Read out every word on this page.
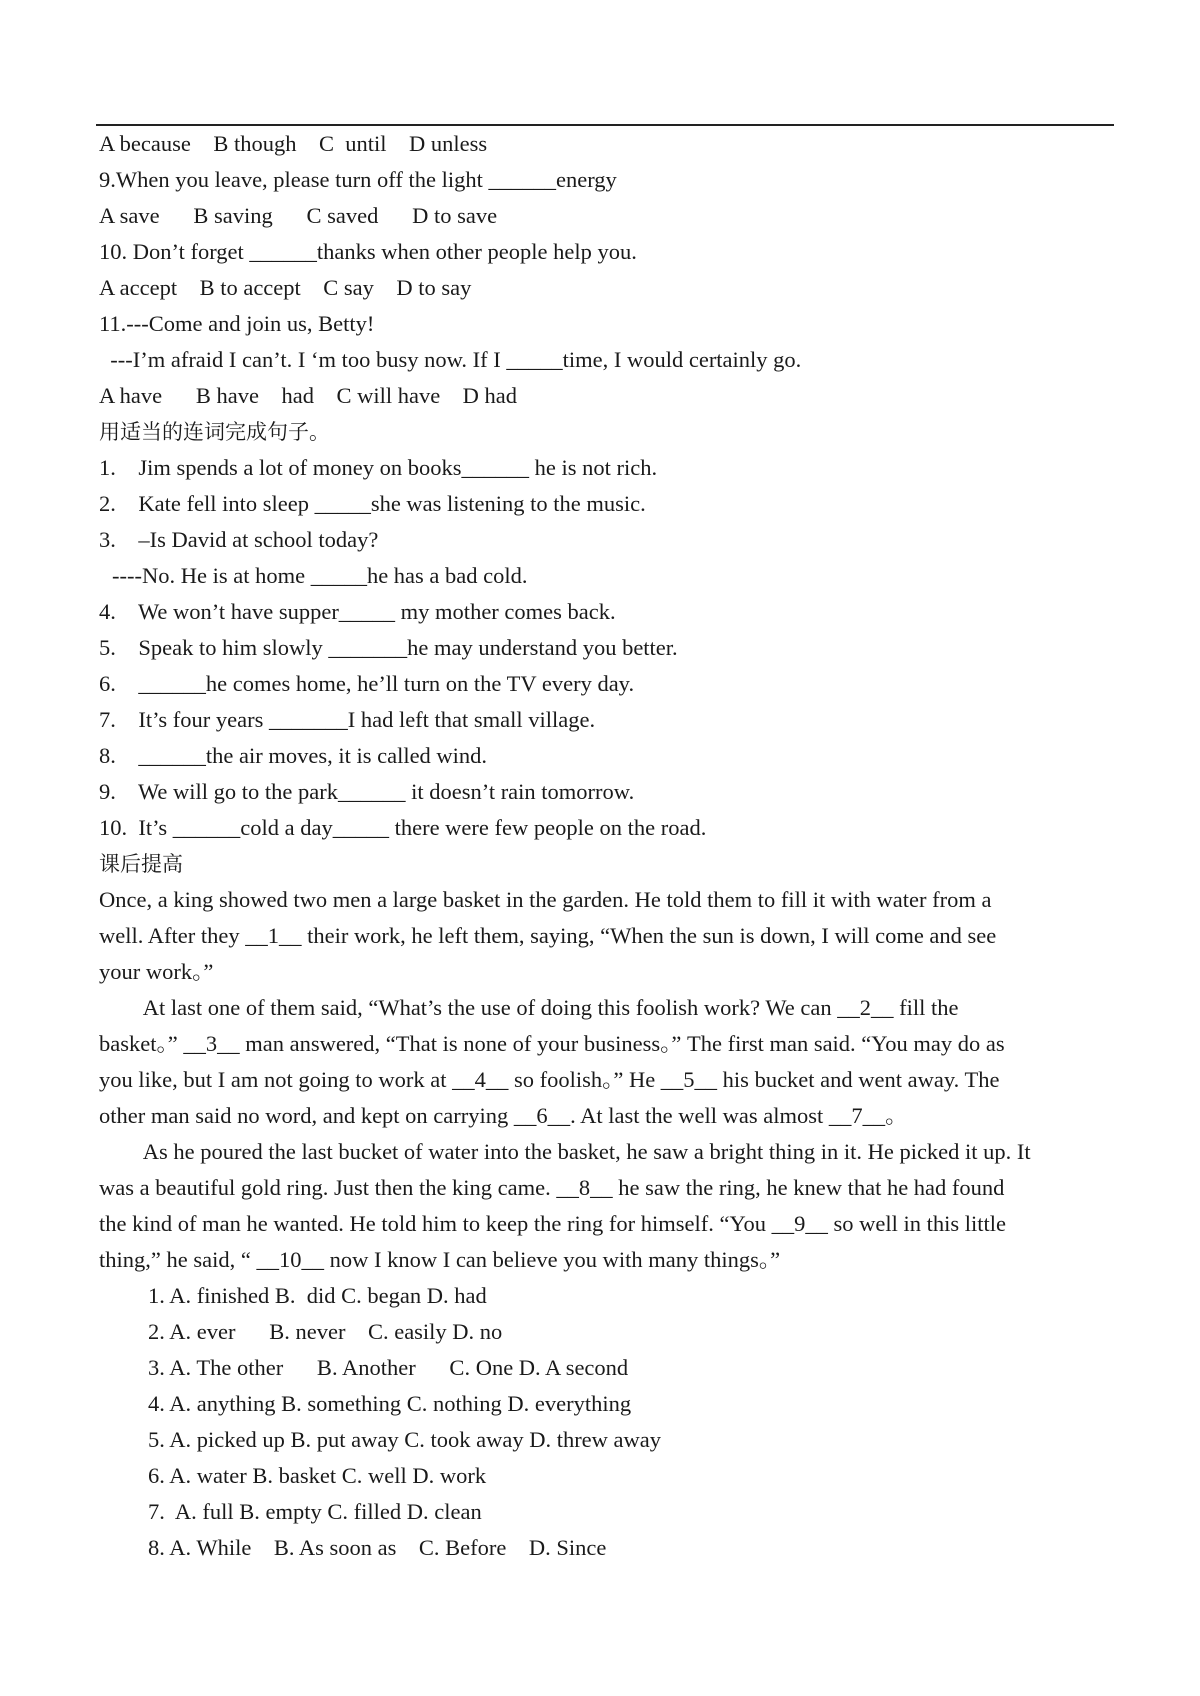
A because    B though    C  until    D unless
9.When you leave, please turn off the light ______energy
A save      B saving      C saved      D to save
10. Don’t forget ______thanks when other people help you.
A accept    B to accept    C say    D to say
11.---Come and join us, Betty!
---I’m afraid I can’t. I ‘m too busy now. If I _____time, I would certainly go.
A have      B have    had    C will have    D had
用适当的连词完成句子。
1.    Jim spends a lot of money on books______ he is not rich.
2.    Kate fell into sleep _____she was listening to the music.
3.    –Is David at school today?
----No. He is at home _____he has a bad cold.
4.    We won’t have supper_____ my mother comes back.
5.    Speak to him slowly _______he may understand you better.
6.    ______he comes home, he’ll turn on the TV every day.
7.    It’s four years _______I had left that small village.
8.    ______the air moves, it is called wind.
9.    We will go to the park______ it doesn’t rain tomorrow.
10.  It’s ______cold a day_____ there were few people on the road.
课后提高
Once, a king showed two men a large basket in the garden. He told them to fill it with water from a
well. After they __1__ their work, he left them, saying, “When the sun is down, I will come and see
your work。”
At last one of them said, “What’s the use of doing this foolish work? We can __2__ fill the
basket。” __3__ man answered, “That is none of your business。” The first man said. “You may do as
you like, but I am not going to work at __4__ so foolish。” He __5__ his bucket and went away. The
other man said no word, and kept on carrying __6__. At last the well was almost __7__。
As he poured the last bucket of water into the basket, he saw a bright thing in it. He picked it up. It
was a beautiful gold ring. Just then the king came. __8__ he saw the ring, he knew that he had found
the kind of man he wanted. He told him to keep the ring for himself. “You __9__ so well in this little
thing,” he said, “ __10__ now I know I can believe you with many things。”
1. A. finished B.  did C. began D. had
2. A. ever      B. never    C. easily D. no
3. A. The other      B. Another      C. One D. A second
4. A. anything B. something C. nothing D. everything
5. A. picked up B. put away C. took away D. threw away
6. A. water B. basket C. well D. work
7.  A. full B. empty C. filled D. clean
8. A. While    B. As soon as    C. Before    D. Since
